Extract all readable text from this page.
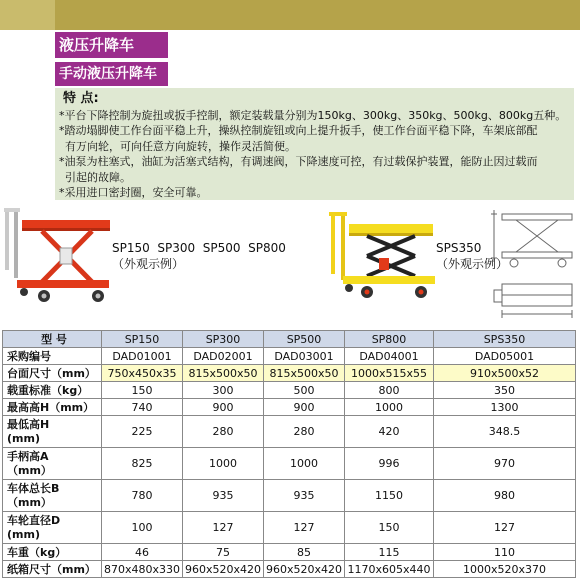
液压升降车
手动液压升降车
特 点:
*平台下降控制为旋扭或扳手控制，额定装载量分别为150kg、300kg、350kg、500kg、800kg五种。
*踏动塌脚使工作台面平稳上升，操纵控制旋钮或向上提升扳手，使工作台面平稳下降，车架底部配
有万向轮，可向任意方向旋转，操作灵活简便。
*油泵为柱塞式，油缸为活塞式结构，有调速阀，下降速度可控，有过载保护装置，能防止因过载而
引起的故障。
*采用进口密封圈，安全可靠。
SP150  SP300  SP500  SP800
（外观示例）
SPS350
（外观示例）
型 号	SP150	SP300	SP500	SP800	SPS350
采购编号	DAD01001	DAD02001	DAD03001	DAD04001	DAD05001
台面尺寸（mm）	750x450x35	815x500x50	815x500x50	1000x515x55	910x500x52
载重标准（kg）	150	300	500	800	350
最高高H（mm）	740	900	900	1000	1300
最低高H
(mm)	225	280	280	420	348.5
手柄高A
（mm）	825	1000	1000	996	970
车体总长B
（mm）	780	935	935	1150	980
车轮直径D
(mm)	100	127	127	150	127
车重（kg）	46	75	85	115	110
纸箱尺寸（mm）	870x480x330	960x520x420	960x520x420	1170x605x440	1000x520x370
